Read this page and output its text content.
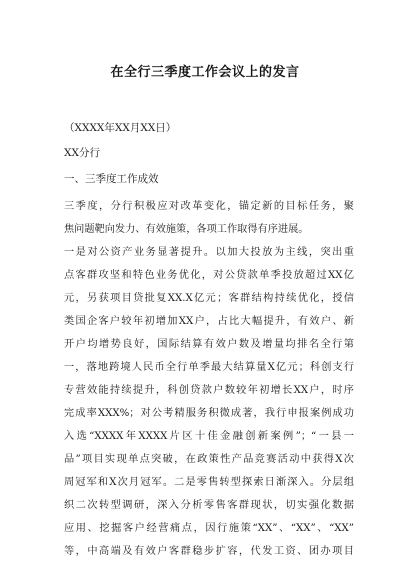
在全行三季度工作会议上的发言
（XXXX年XX月XX日）
XX分行
一、三季度工作成效
三季度，分行积极应对改革变化，锚定新的目标任务，聚
焦问题靶向发力、有效施策，各项工作取得有序进展。
一是对公资产业务显著提升。以加大投放为主线，突出重
点客群攻坚和特色业务优化，对公贷款单季投放超过XX亿
元，另获项目贷批复XX.X亿元；客群结构持续优化，授信
类国企客户较年初增加XX户，占比大幅提升，有效户、新
开户均增势良好，国际结算有效户数及增量均排名全行第
一，落地跨境人民币全行单季最大结算量X亿元；科创支行
专营效能持续提升，科创贷款户数较年初增长XX户，时序
完成率XXX%；对公考精服务积微成著，我行申报案例成功
入选“XXXX年XXXX片区十佳金融创新案例”；“一县一
品”项目实现单点突破，在政策性产品竞赛活动中获得X次
周冠军和X次月冠军。二是零售转型探索日渐深入。分层组
织二次转型调研，深入分析零售客群现状，切实强化数据
应用、挖掘客户经营痛点，因行施策“XX”、“XX”、“XX”
等，中高端及有效户客群稳步扩容，代发工资、团办项目
